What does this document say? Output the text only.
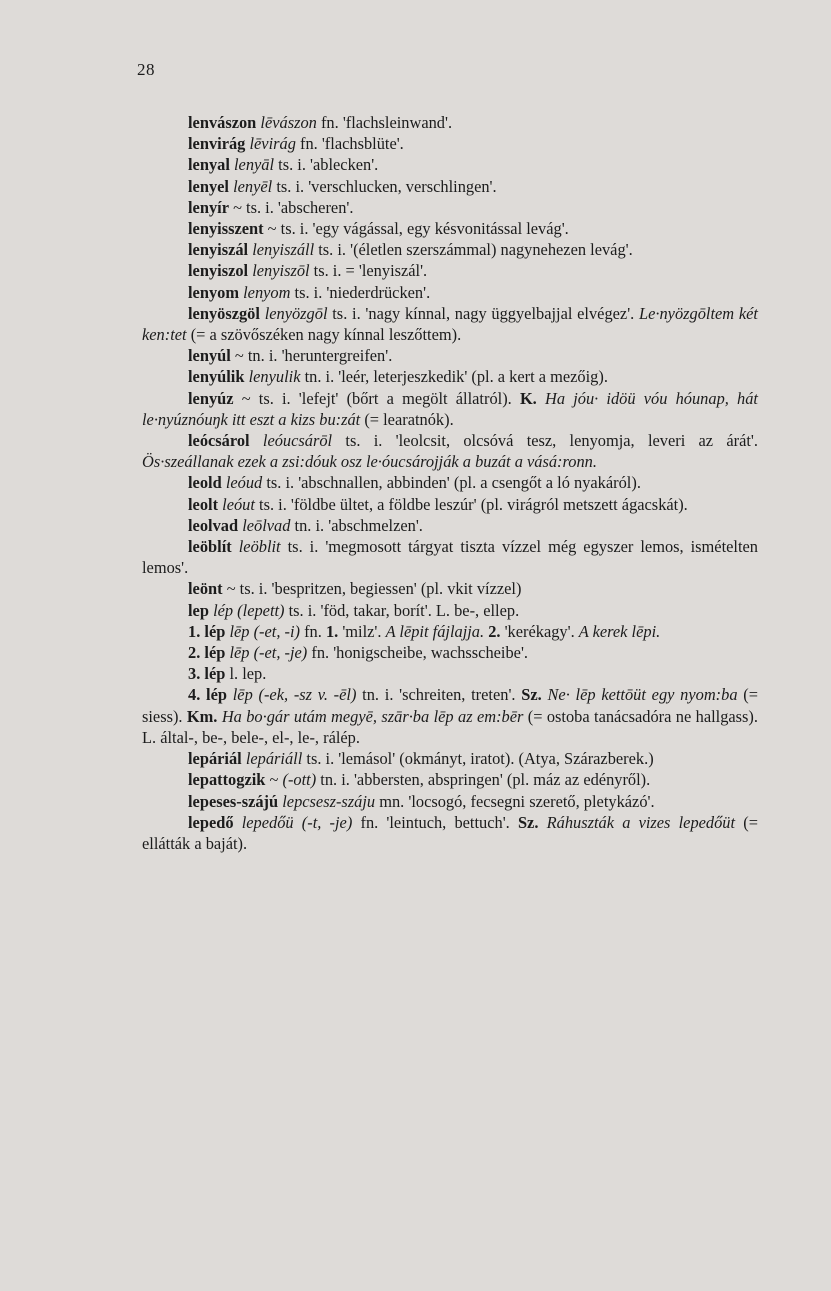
28

lenvászon lēvászon fn. 'flachsleinwand'.

lenvirág lēvirág fn. 'flachsblüte'.

lenyal lenyāl ts. i. 'ablecken'.

lenyel lenyēl ts. i. 'verschlucken, verschlingen'.

lenyír ~ ts. i. 'abscheren'.

lenyisszent ~ ts. i. 'egy vágással, egy késvonitással levág'.

lenyiszál lenyiszáll ts. i. '(életlen szerszámmal) nagynehezen levág'.

lenyiszol lenyiszōl ts. i. = 'lenyiszál'.

lenyom lenyom ts. i. 'niederdrücken'.

lenyöszgöl lenyözgōl ts. i. 'nagy kínnal, nagy üggyelbajjal elvégez'. Le·nyözgōltem két ken:tet (= a szövőszéken nagy kínnal leszőttem).

lenyúl ~ tn. i. 'heruntergreifen'.

lenyúlik lenyulik tn. i. 'leér, leterjeszkedik' (pl. a kert a mezőig).

lenyúz ~ ts. i. 'lefejt' (bőrt a megölt állatról). K. Ha jóu· idöü vóu hóunap, hát le·nyúznóuŋk itt eszt a kizs bu:zát (= learatnók).

leócsárol leóucsárōl ts. i. 'leolcsit, olcsóvá tesz, lenyomja, leveri az árát'. Ös·szeállanak ezek a zsi:dóuk osz le·óucsárojják a buzát a vásá:ronn.

leold leóud ts. i. 'abschnallen, abbinden' (pl. a csengőt a ló nyakáról).

leolt leóut ts. i. 'földbe ültet, a földbe leszúr' (pl. virágról metszett ágacskát).

leolvad leōlvad tn. i. 'abschmelzen'.

leöblít leöblit ts. i. 'megmosott tárgyat tiszta vízzel még egyszer lemos, ismételten lemos'.

leönt ~ ts. i. 'bespritzen, begiessen' (pl. vkit vízzel)

lep lép (lepett) ts. i. 'föd, takar, borít'. L. be-, ellep.

1. lép lēp (-et, -i) fn. 1. 'milz'. A lēpit fájlajja. 2. 'kerékagy'. A kerek lēpi.

2. lép lēp (-et, -je) fn. 'honigscheibe, wachsscheibe'.

3. lép l. lep.

4. lép lēp (-ek, -sz v. -ēl) tn. i. 'schreiten, treten'. Sz. Ne· lēp kettōüt egy nyom:ba (= siess). Km. Ha bo·gár utám megyē, szār·ba lēp az em:bēr (= ostoba tanácsadóra ne hallgass). L. által-, be-, bele-, el-, le-, rálép.

lepáriál lepáriáll ts. i. 'lemásol' (okmányt, iratot). (Atya, Szárazberek.)

lepattogzik ~ (-ott) tn. i. 'abbersten, abspringen' (pl. máz az edényről).

lepeses-szájú lepcsesz-száju mn. 'locsogó, fecsegni szerető, pletykázó'.

lepedő lepedőü (-t, -je) fn. 'leintuch, bettuch'. Sz. Ráhuszták a vizes lepedőüt (= ellátták a baját).
